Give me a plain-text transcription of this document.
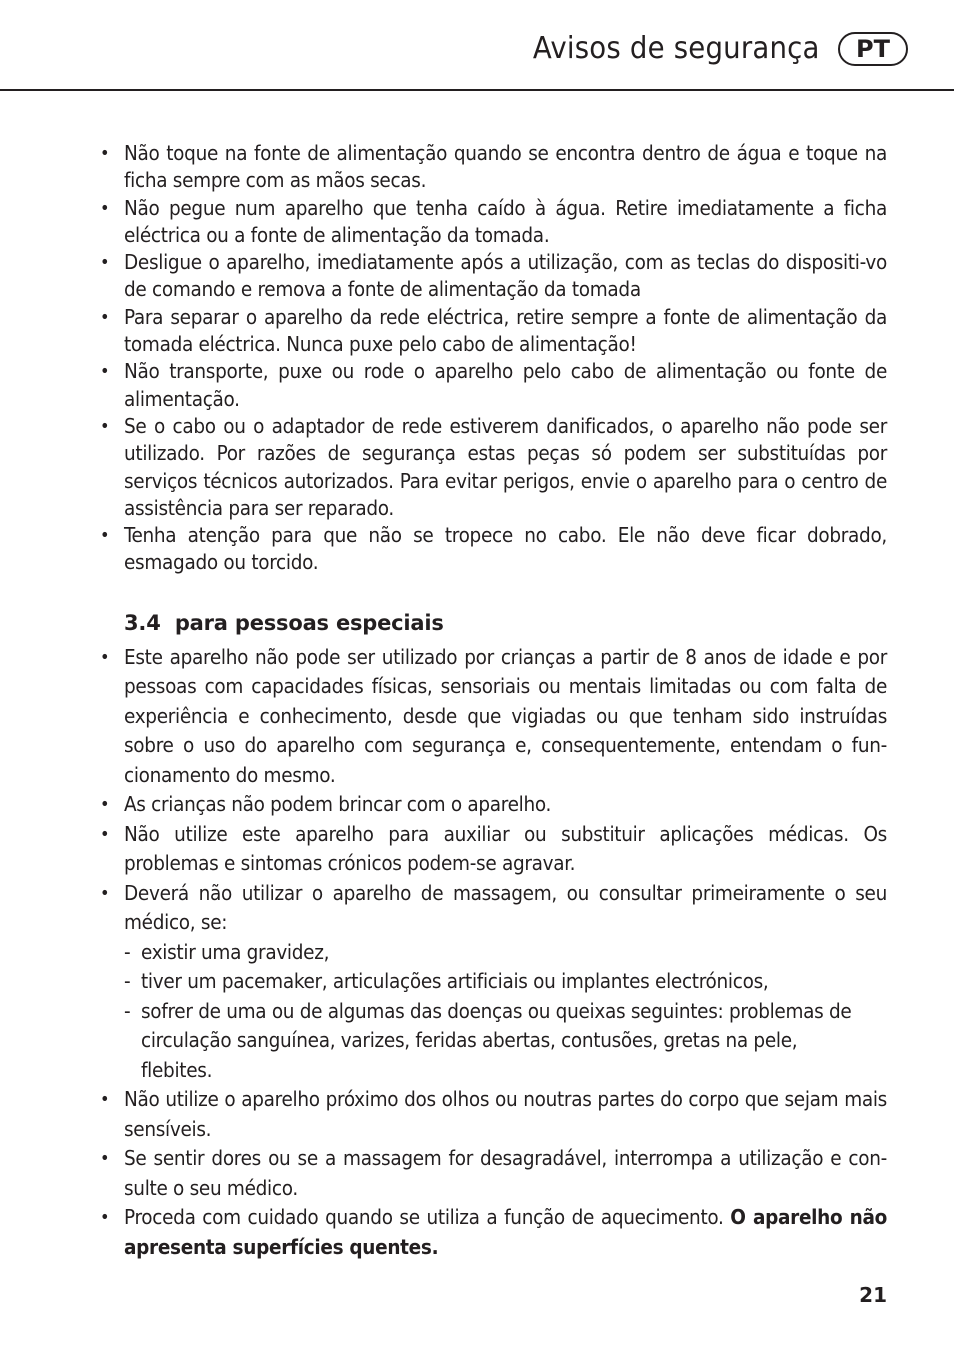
Avisos de segurança	PT
• Não toque na fonte de alimentação quando se encontra dentro de água e toque na ficha sempre com as mãos secas.
• Não pegue num aparelho que tenha caído à água. Retire imediatamente a ficha eléctrica ou a fonte de alimentação da tomada.
• Desligue o aparelho, imediatamente após a utilização, com as teclas do dispositi-vo de comando e remova a fonte de alimentação da tomada
• Para separar o aparelho da rede eléctrica, retire sempre a fonte de alimentação da tomada eléctrica. Nunca puxe pelo cabo de alimentação!
• Não transporte, puxe ou rode o aparelho pelo cabo de alimentação ou fonte de alimentação.
• Se o cabo ou o adaptador de rede estiverem danificados, o aparelho não pode ser utilizado. Por razões de segurança estas peças só podem ser substituídas por serviços técnicos autorizados. Para evitar perigos, envie o aparelho para o centro de assistência para ser reparado.
• Tenha atenção para que não se tropece no cabo. Ele não deve ficar dobrado, esmagado ou torcido.
3.4 para pessoas especiais
• Este aparelho não pode ser utilizado por crianças a partir de 8 anos de idade e por pessoas com capacidades físicas, sensoriais ou mentais limitadas ou com falta de experiência e conhecimento, desde que vigiadas ou que tenham sido instruídas sobre o uso do aparelho com segurança e, consequentemente, entendam o fun-cionamento do mesmo.
• As crianças não podem brincar com o aparelho.
• Não utilize este aparelho para auxiliar ou substituir aplicações médicas. Os problemas e sintomas crónicos podem-se agravar.
• Deverá não utilizar o aparelho de massagem, ou consultar primeiramente o seu médico, se:
- existir uma gravidez,
- tiver um pacemaker, articulações artificiais ou implantes electrónicos,
- sofrer de uma ou de algumas das doenças ou queixas seguintes: problemas de circulação sanguínea, varizes, feridas abertas, contusões, gretas na pele, flebites.
• Não utilize o aparelho próximo dos olhos ou noutras partes do corpo que sejam mais sensíveis.
• Se sentir dores ou se a massagem for desagradável, interrompa a utilização e con-sulte o seu médico.
• Proceda com cuidado quando se utiliza a função de aquecimento. O aparelho não apresenta superfícies quentes.
21
